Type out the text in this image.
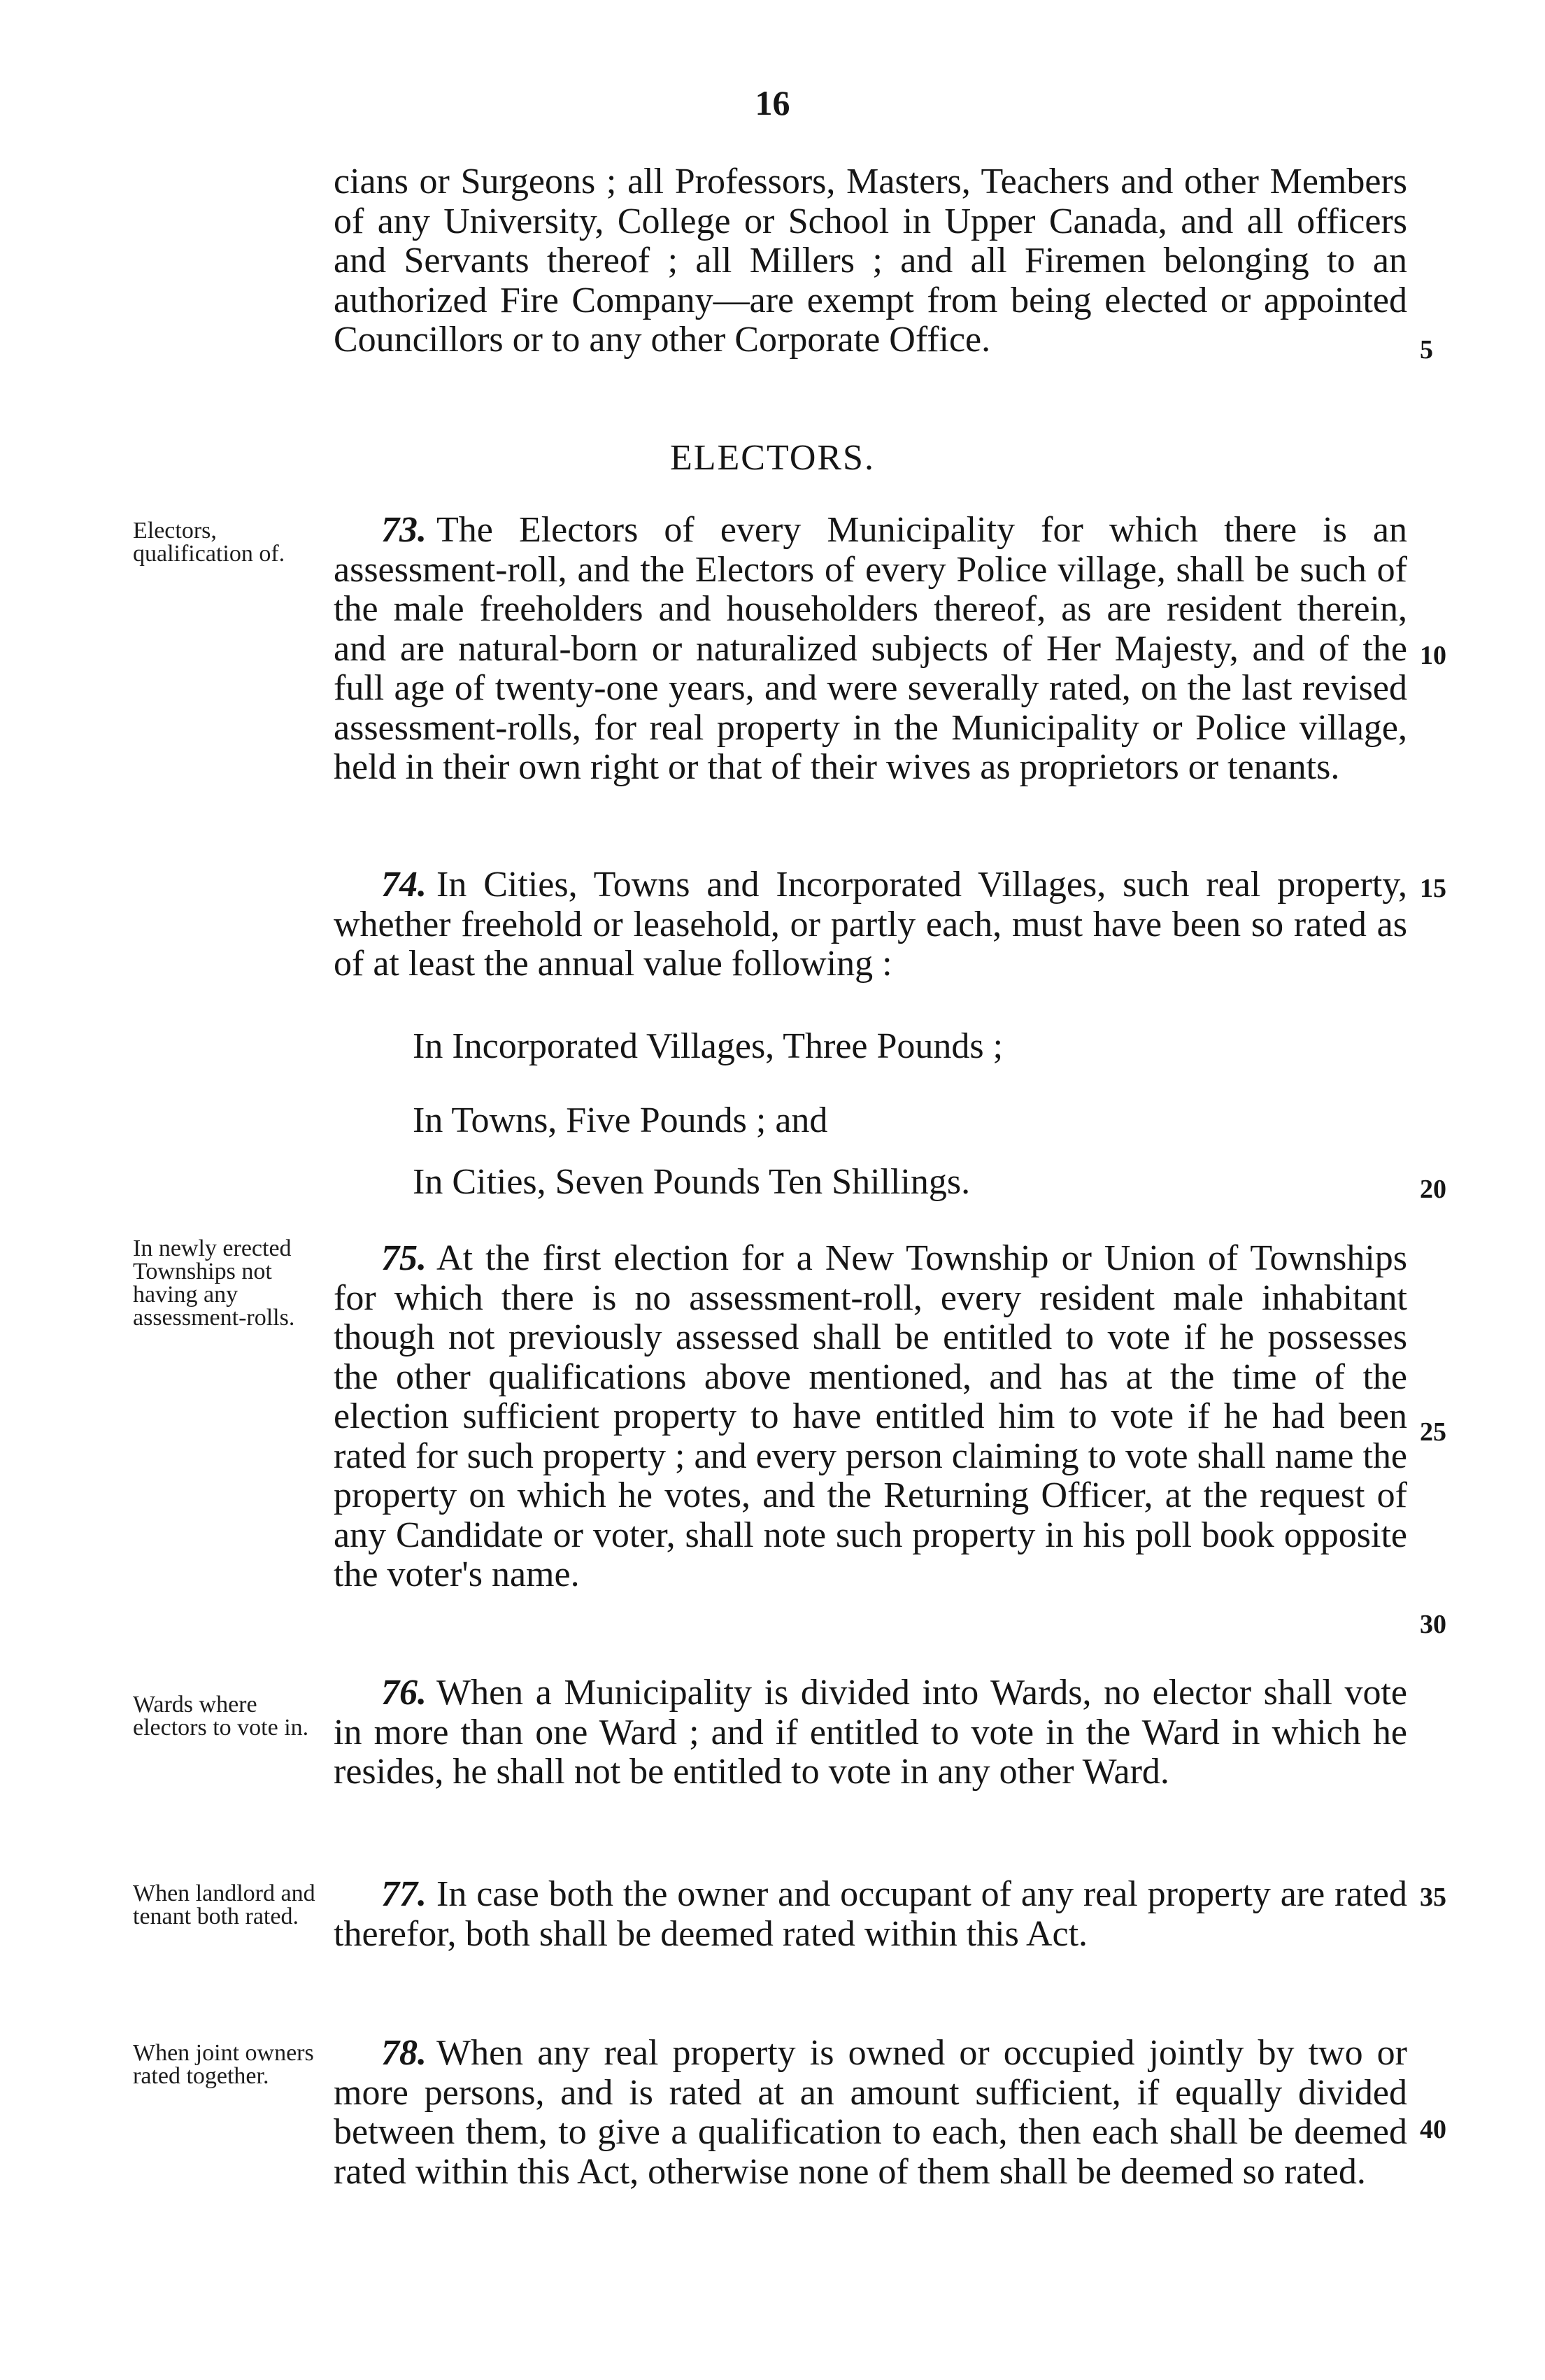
16
cians or Surgeons ; all Professors, Masters, Teachers and other Members of any University, College or School in Upper Canada, and all officers and Servants thereof ; all Millers ; and all Firemen belonging to an authorized Fire Company—are exempt from being elected or appointed Councillors or to any other Corporate Office.
ELECTORS.
Electors, qualification of.
73. The Electors of every Municipality for which there is an assessment-roll, and the Electors of every Police village, shall be such of the male freeholders and householders thereof, as are resident therein, and are natural-born or naturalized subjects of Her Majesty, and of the full age of twenty-one years, and were severally rated, on the last revised assessment-rolls, for real property in the Municipality or Police village, held in their own right or that of their wives as proprietors or tenants.
74. In Cities, Towns and Incorporated Villages, such real property, whether freehold or leasehold, or partly each, must have been so rated as of at least the annual value following :
In Incorporated Villages, Three Pounds ;
In Towns, Five Pounds ; and
In Cities, Seven Pounds Ten Shillings.
In newly erected Townships not having any assessment-rolls.
75. At the first election for a New Township or Union of Townships for which there is no assessment-roll, every resident male inhabitant though not previously assessed shall be entitled to vote if he possesses the other qualifications above mentioned, and has at the time of the election sufficient property to have entitled him to vote if he had been rated for such property ; and every person claiming to vote shall name the property on which he votes, and the Returning Officer, at the request of any Candidate or voter, shall note such property in his poll book opposite the voter's name.
Wards where electors to vote in.
76. When a Municipality is divided into Wards, no elector shall vote in more than one Ward ; and if entitled to vote in the Ward in which he resides, he shall not be entitled to vote in any other Ward.
When landlord and tenant both rated.
77. In case both the owner and occupant of any real property are rated therefor, both shall be deemed rated within this Act.
When joint owners rated together.
78. When any real property is owned or occupied jointly by two or more persons, and is rated at an amount sufficient, if equally divided between them, to give a qualification to each, then each shall be deemed rated within this Act, otherwise none of them shall be deemed so rated.
5
10
15
20
25
30
35
40
